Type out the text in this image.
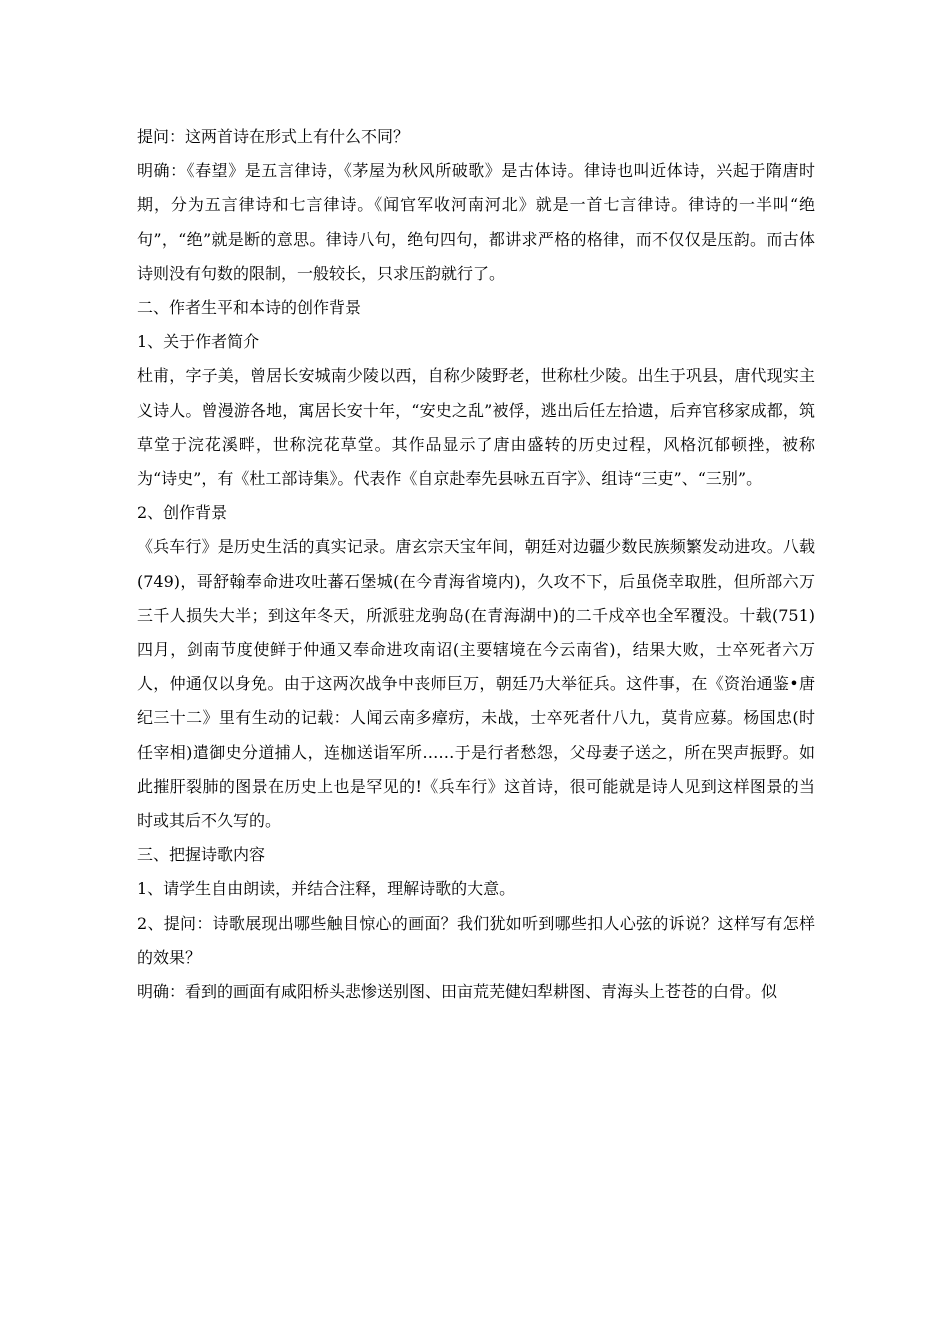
提问：这两首诗在形式上有什么不同？

明确：《春望》是五言律诗，《茅屋为秋风所破歌》是古体诗。律诗也叫近体诗，兴起于隋唐时期，分为五言律诗和七言律诗。《闻官军收河南河北》就是一首七言律诗。律诗的一半叫“绝句”，“绝”就是断的意思。律诗八句，绝句四句，都讲求严格的格律，而不仅仅是压韵。而古体诗则没有句数的限制，一般较长，只求压韵就行了。

二、作者生平和本诗的创作背景

1、关于作者简介

杜甫，字子美，曾居长安城南少陵以西，自称少陵野老，世称杜少陵。出生于巩县，唐代现实主义诗人。曾漫游各地，寓居长安十年，“安史之乱”被俘，逃出后任左拾遗，后弃官移家成都，筑草堂于浣花溪畔，世称浣花草堂。其作品显示了唐由盛转的历史过程，风格沉郁顿挫，被称为“诗史”，有《杜工部诗集》。代表作《自京赴奉先县咏五百字》、组诗“三吏”、“三别”。

2、创作背景

《兵车行》是历史生活的真实记录。唐玄宗天宝年间，朝廷对边疆少数民族频繁发动进攻。八载(749)，哥舒翰奉命进攻吐蕃石堡城(在今青海省境内)，久攻不下，后虽侥幸取胜，但所部六万三千人损失大半；到这年冬天，所派驻龙驹岛(在青海湖中)的二千戍卒也全军覆没。十载(751)四月，剑南节度使鲜于仲通又奉命进攻南诏(主要辖境在今云南省)，结果大败，士卒死者六万人，仲通仅以身免。由于这两次战争中丧师巨万，朝廷乃大举征兵。这件事，在《资治通鉴•唐纪三十二》里有生动的记载：人闻云南多瘴疠，未战，士卒死者什八九，莫肯应募。杨国忠(时任宰相)遣御史分道捕人，连枷送诣军所……于是行者愁怨，父母妻子送之，所在哭声振野。如此摧肝裂肺的图景在历史上也是罕见的!《兵车行》这首诗，很可能就是诗人见到这样图景的当时或其后不久写的。

三、把握诗歌内容

1、请学生自由朗读，并结合注释，理解诗歌的大意。

2、提问：诗歌展现出哪些触目惊心的画面？我们犹如听到哪些扣人心弦的诉说？这样写有怎样的效果？

明确：看到的画面有咸阳桥头悲惨送别图、田亩荒芜健妇犁耕图、青海头上苍苍的白骨。似
